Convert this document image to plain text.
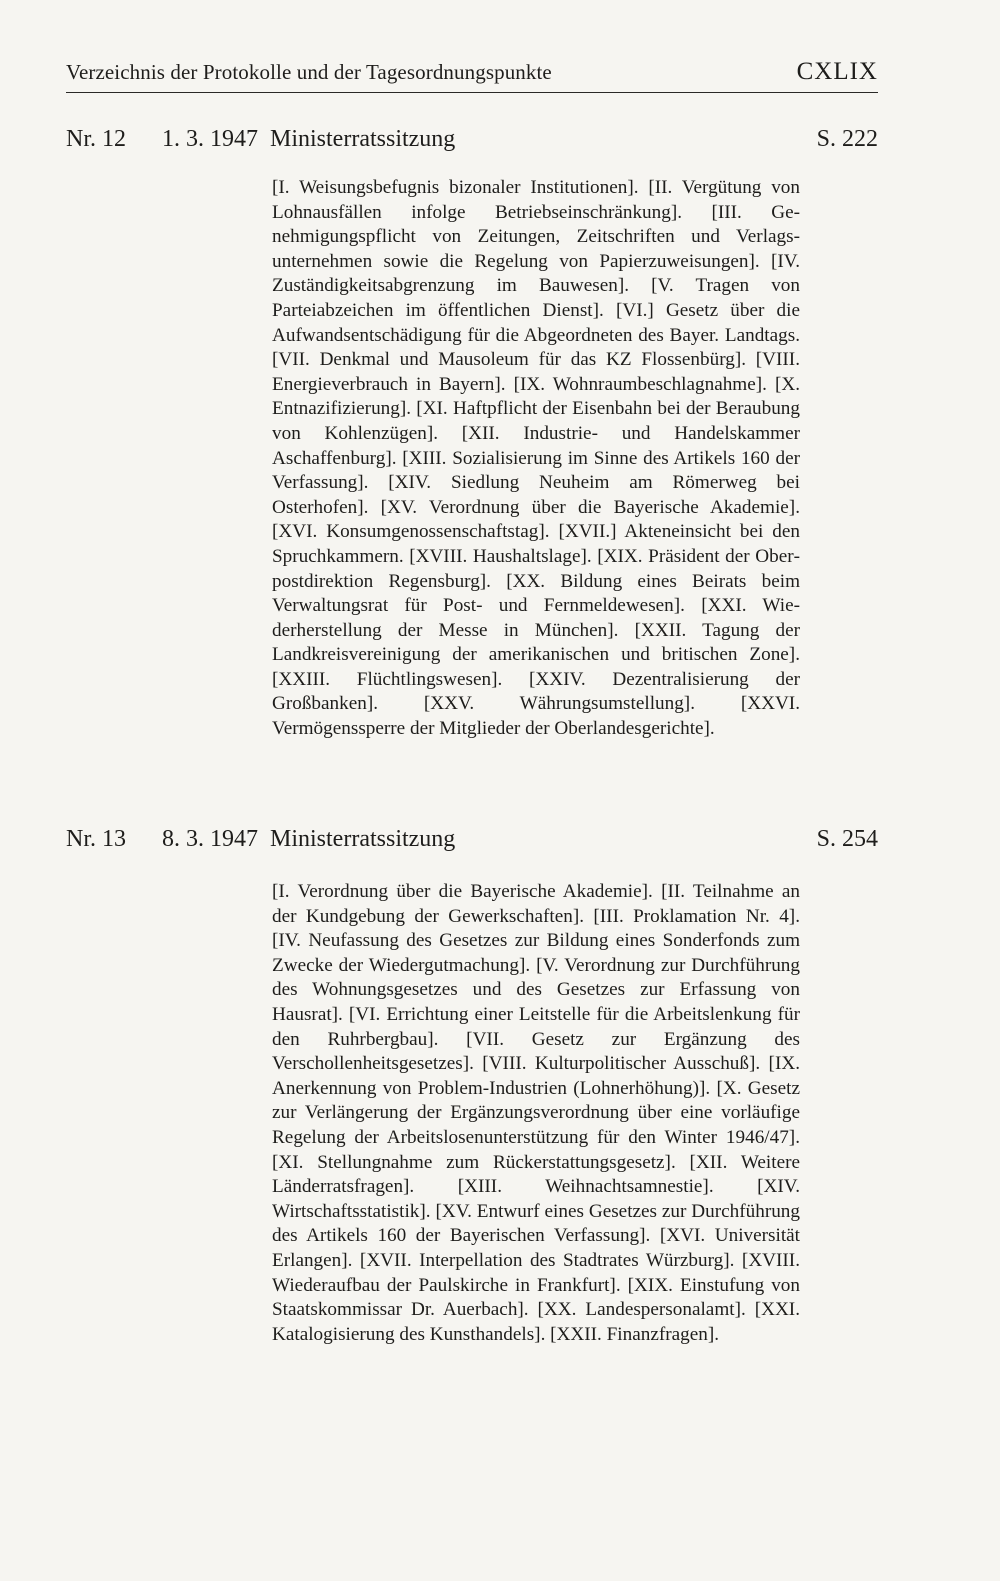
Verzeichnis der Protokolle und der Tagesordnungspunkte	CXLIX
Nr. 12 1. 3. 1947 Ministerratssitzung	S. 222
[I. Weisungsbefugnis bizonaler Institutionen]. [II. Vergütung von Lohnausfällen infolge Betriebseinschränkung]. [III. Genehmigungspflicht von Zeitungen, Zeitschriften und Verlagsunternehmen sowie die Regelung von Papierzuweisungen]. [IV. Zuständigkeitsabgrenzung im Bauwesen]. [V. Tragen von Parteiabzeichen im öffentlichen Dienst]. [VI.] Gesetz über die Aufwandsentschädigung für die Abgeordneten des Bayer. Landtags. [VII. Denkmal und Mausoleum für das KZ Flossenbürg]. [VIII. Energieverbrauch in Bayern]. [IX. Wohnraumbeschlagnahme]. [X. Entnazifizierung]. [XI. Haftpflicht der Eisenbahn bei der Beraubung von Kohlenzügen]. [XII. Industrie- und Handelskammer Aschaffenburg]. [XIII. Sozialisierung im Sinne des Artikels 160 der Verfassung]. [XIV. Siedlung Neuheim am Römerweg bei Osterhofen]. [XV. Verordnung über die Bayerische Akademie]. [XVI. Konsumgenossenschaftstag]. [XVII.] Akteneinsicht bei den Spruchkammern. [XVIII. Haushaltslage]. [XIX. Präsident der Oberpostdirektion Regensburg]. [XX. Bildung eines Beirats beim Verwaltungsrat für Post- und Fernmeldewesen]. [XXI. Wiederherstellung der Messe in München]. [XXII. Tagung der Landkreisvereinigung der amerikanischen und britischen Zone]. [XXIII. Flüchtlingswesen]. [XXIV. Dezentralisierung der Großbanken]. [XXV. Währungsumstellung]. [XXVI. Vermögenssperre der Mitglieder der Oberlandesgerichte].
Nr. 13 8. 3. 1947 Ministerratssitzung	S. 254
[I. Verordnung über die Bayerische Akademie]. [II. Teilnahme an der Kundgebung der Gewerkschaften]. [III. Proklamation Nr. 4]. [IV. Neufassung des Gesetzes zur Bildung eines Sonderfonds zum Zwecke der Wiedergutmachung]. [V. Verordnung zur Durchführung des Wohnungsgesetzes und des Gesetzes zur Erfassung von Hausrat]. [VI. Errichtung einer Leitstelle für die Arbeitslenkung für den Ruhrbergbau]. [VII. Gesetz zur Ergänzung des Verschollenheitsgesetzes]. [VIII. Kulturpolitischer Ausschuß]. [IX. Anerkennung von Problem-Industrien (Lohnerhöhung)]. [X. Gesetz zur Verlängerung der Ergänzungsverordnung über eine vorläufige Regelung der Arbeitslosenunterstützung für den Winter 1946/47]. [XI. Stellungnahme zum Rückerstattungsgesetz]. [XII. Weitere Länderratsfragen]. [XIII. Weihnachtsamnestie]. [XIV. Wirtschaftsstatistik]. [XV. Entwurf eines Gesetzes zur Durchführung des Artikels 160 der Bayerischen Verfassung]. [XVI. Universität Erlangen]. [XVII. Interpellation des Stadtrates Würzburg]. [XVIII. Wiederaufbau der Paulskirche in Frankfurt]. [XIX. Einstufung von Staatskommissar Dr. Auerbach]. [XX. Landespersonalamt]. [XXI. Katalogisierung des Kunsthandels]. [XXII. Finanzfragen].
